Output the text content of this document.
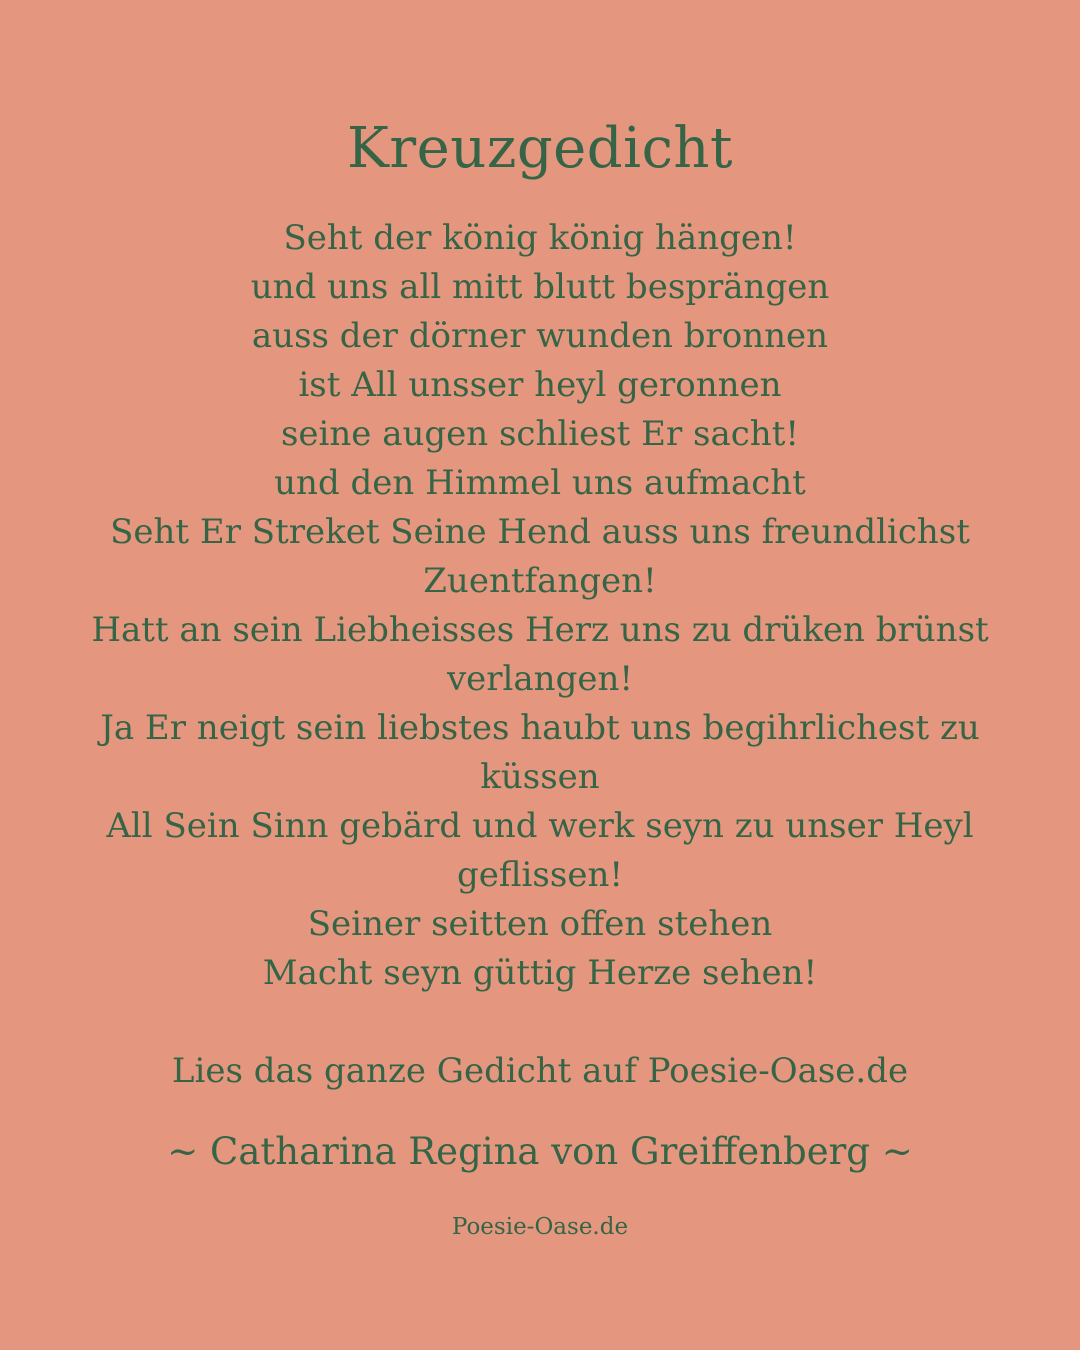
Kreuzgedicht
Seht der könig könig hängen!
und uns all mitt blutt besprängen
auss der dörner wunden bronnen
ist All unsser heyl geronnen
seine augen schliest Er sacht!
und den Himmel uns aufmacht
Seht Er Streket Seine Hend auss uns freundlichst Zuentfangen!
Hatt an sein Liebheisses Herz uns zu drüken brünst verlangen!
Ja Er neigt sein liebstes haubt uns begihrlichest zu küssen
All Sein Sinn gebärd und werk seyn zu unser Heyl geflissen!
Seiner seitten offen stehen
Macht seyn güttig Herze sehen!
Lies das ganze Gedicht auf Poesie-Oase.de
~ Catharina Regina von Greiffenberg ~
Poesie-Oase.de
